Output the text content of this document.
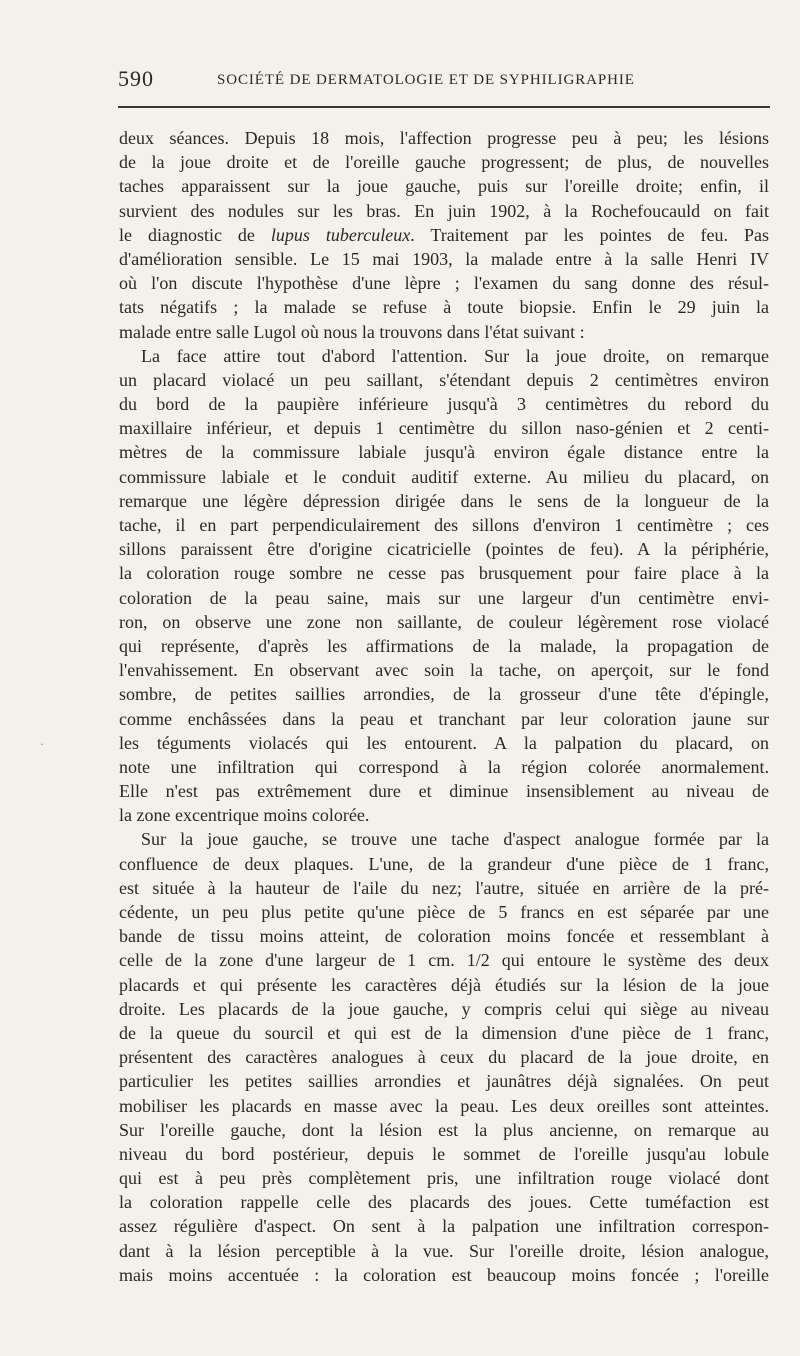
590	SOCIÉTÉ DE DERMATOLOGIE ET DE SYPHILIGRAPHIE
deux séances. Depuis 18 mois, l'affection progresse peu à peu; les lésions
de la joue droite et de l'oreille gauche progressent; de plus, de nouvelles
taches apparaissent sur la joue gauche, puis sur l'oreille droite; enfin, il
survient des nodules sur les bras. En juin 1902, à la Rochefoucauld on fait
le diagnostic de lupus tuberculeux. Traitement par les pointes de feu. Pas
d'amélioration sensible. Le 15 mai 1903, la malade entre à la salle Henri IV
où l'on discute l'hypothèse d'une lèpre ; l'examen du sang donne des résul-
tats négatifs ; la malade se refuse à toute biopsie. Enfin le 29 juin la
malade entre salle Lugol où nous la trouvons dans l'état suivant :
La face attire tout d'abord l'attention. Sur la joue droite, on remarque
un placard violacé un peu saillant, s'étendant depuis 2 centimètres environ
du bord de la paupière inférieure jusqu'à 3 centimètres du rebord du
maxillaire inférieur, et depuis 1 centimètre du sillon naso-génien et 2 centi-
mètres de la commissure labiale jusqu'à environ égale distance entre la
commissure labiale et le conduit auditif externe. Au milieu du placard, on
remarque une légère dépression dirigée dans le sens de la longueur de la
tache, il en part perpendiculairement des sillons d'environ 1 centimètre ; ces
sillons paraissent être d'origine cicatricielle (pointes de feu). A la périphérie,
la coloration rouge sombre ne cesse pas brusquement pour faire place à la
coloration de la peau saine, mais sur une largeur d'un centimètre envi-
ron, on observe une zone non saillante, de couleur légèrement rose violacé
qui représente, d'après les affirmations de la malade, la propagation de
l'envahissement. En observant avec soin la tache, on aperçoit, sur le fond
sombre, de petites saillies arrondies, de la grosseur d'une tête d'épingle,
comme enchâssées dans la peau et tranchant par leur coloration jaune sur
les téguments violacés qui les entourent. A la palpation du placard, on
note une infiltration qui correspond à la région colorée anormalement.
Elle n'est pas extrêmement dure et diminue insensiblement au niveau de
la zone excentrique moins colorée.
Sur la joue gauche, se trouve une tache d'aspect analogue formée par la
confluence de deux plaques. L'une, de la grandeur d'une pièce de 1 franc,
est située à la hauteur de l'aile du nez; l'autre, située en arrière de la pré-
cédente, un peu plus petite qu'une pièce de 5 francs en est séparée par une
bande de tissu moins atteint, de coloration moins foncée et ressemblant à
celle de la zone d'une largeur de 1 cm. 1/2 qui entoure le système des deux
placards et qui présente les caractères déjà étudiés sur la lésion de la joue
droite. Les placards de la joue gauche, y compris celui qui siège au niveau
de la queue du sourcil et qui est de la dimension d'une pièce de 1 franc,
présentent des caractères analogues à ceux du placard de la joue droite, en
particulier les petites saillies arrondies et jaunâtres déjà signalées. On peut
mobiliser les placards en masse avec la peau. Les deux oreilles sont atteintes.
Sur l'oreille gauche, dont la lésion est la plus ancienne, on remarque au
niveau du bord postérieur, depuis le sommet de l'oreille jusqu'au lobule
qui est à peu près complètement pris, une infiltration rouge violacé dont
la coloration rappelle celle des placards des joues. Cette tuméfaction est
assez régulière d'aspect. On sent à la palpation une infiltration correspon-
dant à la lésion perceptible à la vue. Sur l'oreille droite, lésion analogue,
mais moins accentuée : la coloration est beaucoup moins foncée ; l'oreille
·
